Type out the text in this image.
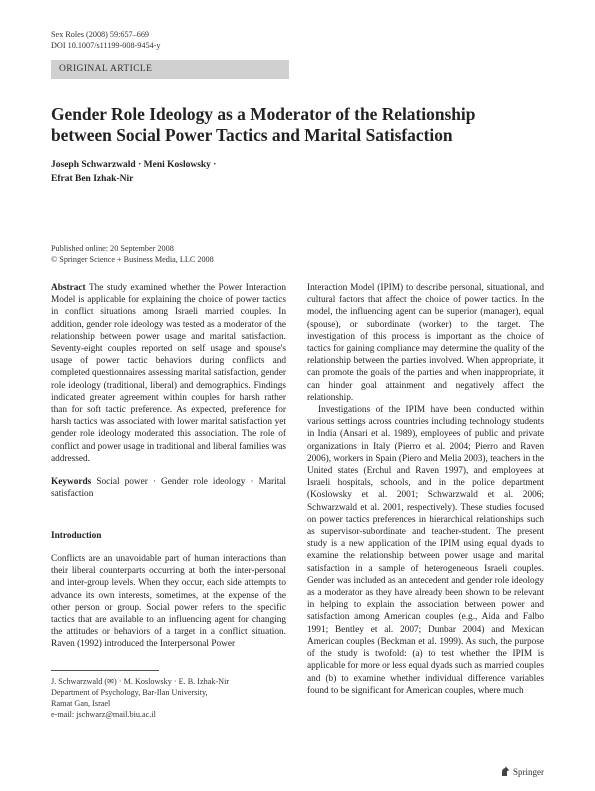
Sex Roles (2008) 59:657–669
DOI 10.1007/s11199-008-9454-y
ORIGINAL ARTICLE
Gender Role Ideology as a Moderator of the Relationship
between Social Power Tactics and Marital Satisfaction
Joseph Schwarzwald · Meni Koslowsky ·
Efrat Ben Izhak-Nir
Published online: 20 September 2008
© Springer Science + Business Media, LLC 2008

Abstract The study examined whether the Power Interaction Model is applicable for explaining the choice of power tactics in conflict situations among Israeli married couples. In addition, gender role ideology was tested as a moderator of the relationship between power usage and marital satisfaction. Seventy-eight couples reported on self usage and spouse's usage of power tactic behaviors during conflicts and completed questionnaires assessing marital satisfaction, gender role ideology (traditional, liberal) and demographics. Findings indicated greater agreement within couples for harsh rather than for soft tactic preference. As expected, preference for harsh tactics was associated with lower marital satisfaction yet gender role ideology moderated this association. The role of conflict and power usage in traditional and liberal families was addressed.

Keywords Social power · Gender role ideology · Marital satisfaction

Introduction

Conflicts are an unavoidable part of human interactions than their liberal counterparts occurring at both the inter-personal and inter-group levels. When they occur, each side attempts to advance its own interests, sometimes, at the expense of the other person or group. Social power refers to the specific tactics that are available to an influencing agent for changing the attitudes or behaviors of a target in a conflict situation. Raven (1992) introduced the Interpersonal Power

Interaction Model (IPIM) to describe personal, situational, and cultural factors that affect the choice of power tactics. In the model, the influencing agent can be superior (manager), equal (spouse), or subordinate (worker) to the target. The investigation of this process is important as the choice of tactics for gaining compliance may determine the quality of the relationship between the parties involved. When appropriate, it can promote the goals of the parties and when inappropriate, it can hinder goal attainment and negatively affect the relationship.

Investigations of the IPIM have been conducted within various settings across countries including technology students in India (Ansari et al. 1989), employees of public and private organizations in Italy (Pierro et al. 2004; Pierro and Raven 2006), workers in Spain (Piero and Melia 2003), teachers in the United states (Erchul and Raven 1997), and employees at Israeli hospitals, schools, and in the police department (Koslowsky et al. 2001; Schwarzwald et al. 2006; Schwarzwald et al. 2001, respectively). These studies focused on power tactics preferences in hierarchical relationships such as supervisor-subordinate and teacher-student. The present study is a new application of the IPIM using equal dyads to examine the relationship between power usage and marital satisfaction in a sample of heterogeneous Israeli couples. Gender was included as an antecedent and gender role ideology as a moderator as they have already been shown to be relevant in helping to explain the association between power and satisfaction among American couples (e.g., Aida and Falbo 1991; Bentley et al. 2007; Dunbar 2004) and Mexican American couples (Beckman et al. 1999). As such, the purpose of the study is twofold: (a) to test whether the IPIM is applicable for more or less equal dyads such as married couples and (b) to examine whether individual difference variables found to be significant for American couples, where much

J. Schwarzwald (✉) · M. Koslowsky · E. B. Izhak-Nir
Department of Psychology, Bar-Ilan University,
Ramat Gan, Israel
e-mail: jschwarz@mail.biu.ac.il
Springer
